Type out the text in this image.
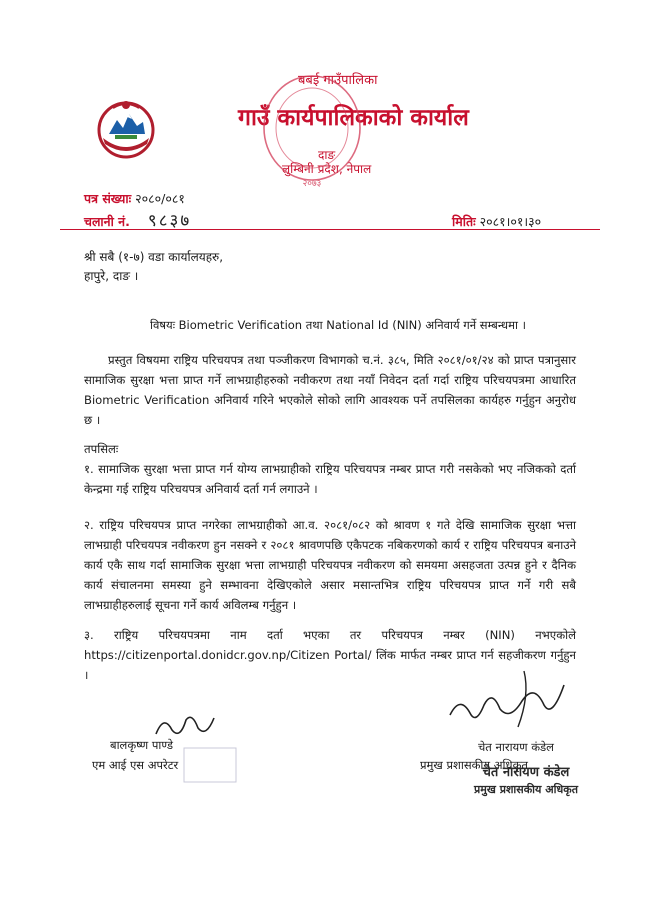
बबई गाउँपालिका
गाउँ कार्यपालिकाको कार्याल
दाङ
लुम्बिनी प्रदेश, नेपाल
२०७३
पत्र संख्याः २०८०/०८१
चलानी नं. ९८३७	मितिः २०८१।०१।३०
श्री सबै (१-७) वडा कार्यालयहरु,
हापुरे, दाङ ।
विषयः Biometric Verification तथा National Id (NIN) अनिवार्य गर्ने सम्बन्धमा ।
प्रस्तुत विषयमा राष्ट्रिय परिचयपत्र तथा पञ्जीकरण विभागको च.नं. ३८५, मिति २०८१/०१/२४ को प्राप्त पत्रानुसार सामाजिक सुरक्षा भत्ता प्राप्त गर्ने लाभग्राहीहरुको नवीकरण तथा नयाँ निवेदन दर्ता गर्दा राष्ट्रिय परिचयपत्रमा आधारित Biometric Verification अनिवार्य गरिने भएकोले सोको लागि आवश्यक पर्ने तपसिलका कार्यहरु गर्नुहुन अनुरोध छ ।
तपसिलः
१. सामाजिक सुरक्षा भत्ता प्राप्त गर्न योग्य लाभग्राहीको राष्ट्रिय परिचयपत्र नम्बर प्राप्त गरी नसकेको भए नजिकको दर्ता केन्द्रमा गई राष्ट्रिय परिचयपत्र अनिवार्य दर्ता गर्न लगाउने ।
२. राष्ट्रिय परिचयपत्र प्राप्त नगरेका लाभग्राहीको आ.व. २०८१/०८२ को श्रावण १ गते देखि सामाजिक सुरक्षा भत्ता लाभग्राही परिचयपत्र नवीकरण हुन नसक्ने र २०८१ श्रावणपछि एकैपटक नबिकरणको कार्य र राष्ट्रिय परिचयपत्र बनाउने कार्य एकै साथ गर्दा सामाजिक सुरक्षा भत्ता लाभग्राही परिचयपत्र नवीकरण को समयमा असहजता उत्पन्न हुने र दैनिक कार्य संचालनमा समस्या हुने सम्भावना देखिएकोले असार मसान्तभित्र राष्ट्रिय परिचयपत्र प्राप्त गर्ने गरी सबै लाभग्राहीहरुलाई सूचना गर्ने कार्य अविलम्ब गर्नुहुन ।
३. राष्ट्रिय परिचयपत्रमा नाम दर्ता भएका तर परिचयपत्र नम्बर (NIN) नभएकोले https://citizenportal.donidcr.gov.np/Citizen Portal/ लिंक मार्फत नम्बर प्राप्त गर्न सहजीकरण गर्नुहुन ।
बालकृष्ण पाण्डे
एम आई एस अपरेटर
चेत नारायण कंडेल
प्रमुख प्रशासकीय अधिकृत
चेत नारायण कंडेल
प्रमुख प्रशासकीय अधिकृत
